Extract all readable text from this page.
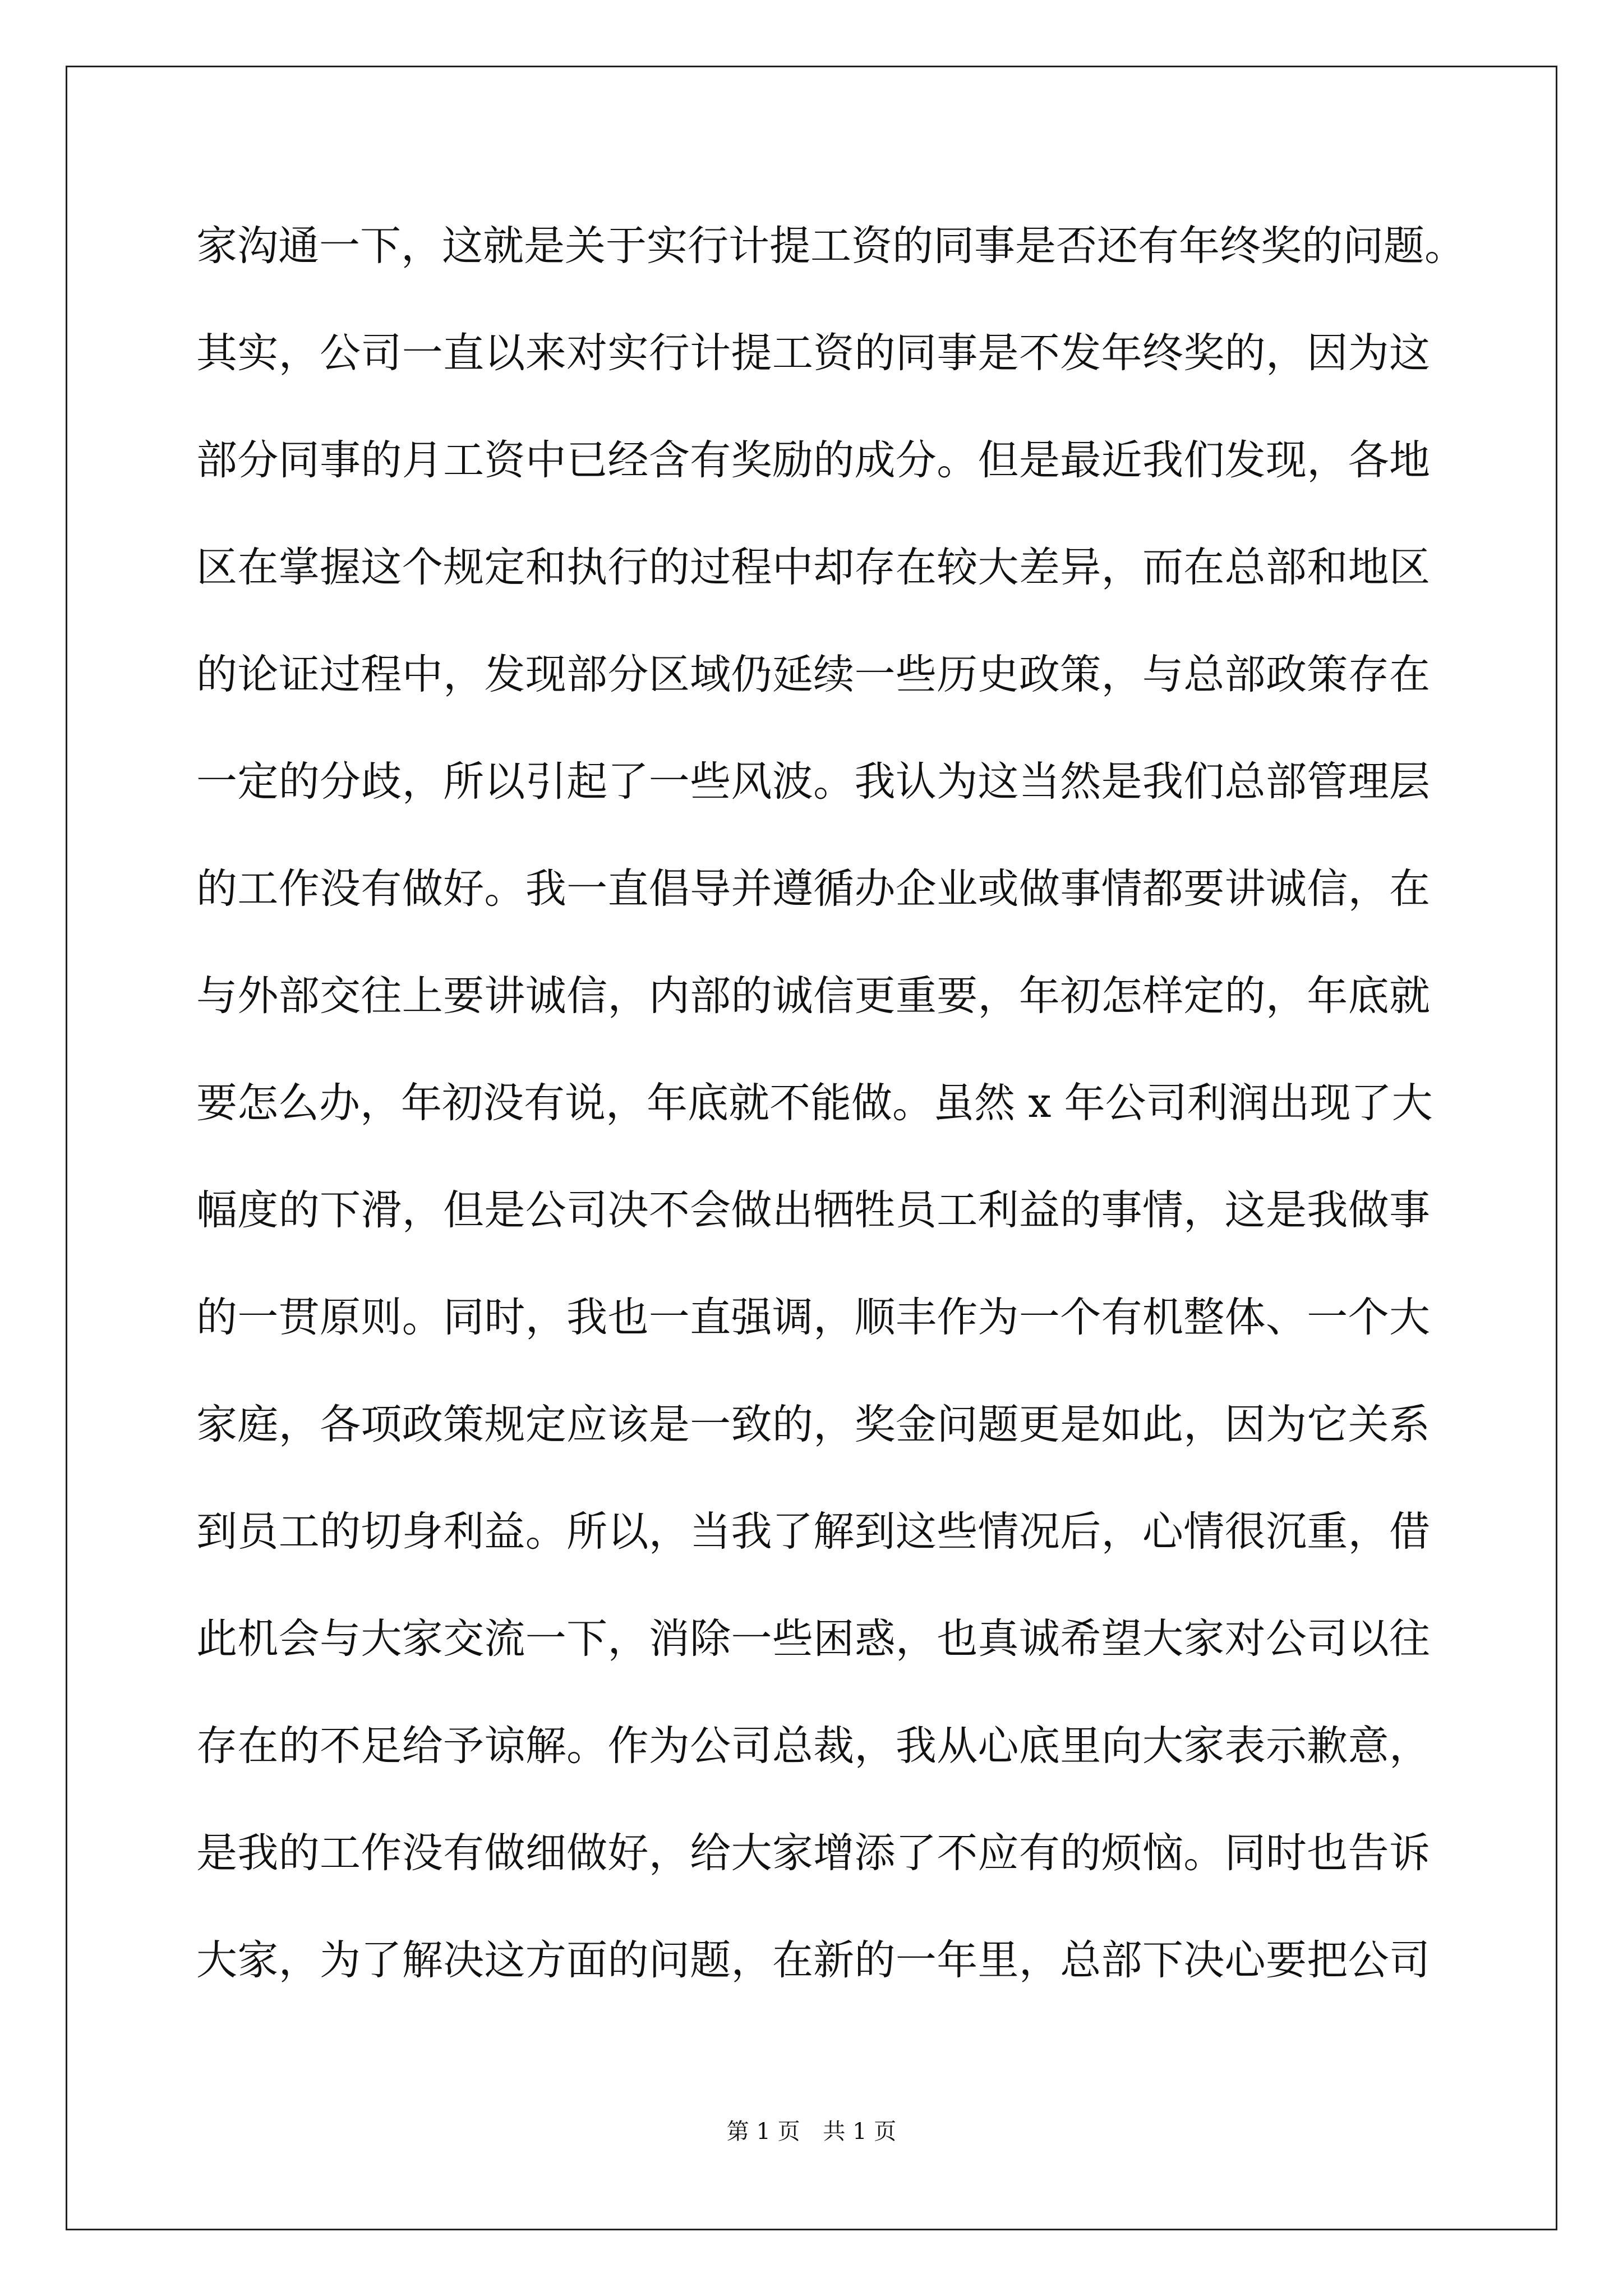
家沟通一下，这就是关于实行计提工资的同事是否还有年终奖的问题。
其实，公司一直以来对实行计提工资的同事是不发年终奖的，因为这
部分同事的月工资中已经含有奖励的成分。但是最近我们发现，各地
区在掌握这个规定和执行的过程中却存在较大差异，而在总部和地区
的论证过程中，发现部分区域仍延续一些历史政策，与总部政策存在
一定的分歧，所以引起了一些风波。我认为这当然是我们总部管理层
的工作没有做好。我一直倡导并遵循办企业或做事情都要讲诚信，在
与外部交往上要讲诚信，内部的诚信更重要，年初怎样定的，年底就
要怎么办，年初没有说，年底就不能做。虽然 x 年公司利润出现了大
幅度的下滑，但是公司决不会做出牺牲员工利益的事情，这是我做事
的一贯原则。同时，我也一直强调，顺丰作为一个有机整体、一个大
家庭，各项政策规定应该是一致的，奖金问题更是如此，因为它关系
到员工的切身利益。所以，当我了解到这些情况后，心情很沉重，借
此机会与大家交流一下，消除一些困惑，也真诚希望大家对公司以往
存在的不足给予谅解。作为公司总裁，我从心底里向大家表示歉意，
是我的工作没有做细做好，给大家增添了不应有的烦恼。同时也告诉
大家，为了解决这方面的问题，在新的一年里，总部下决心要把公司
第 1 页 共 1 页
